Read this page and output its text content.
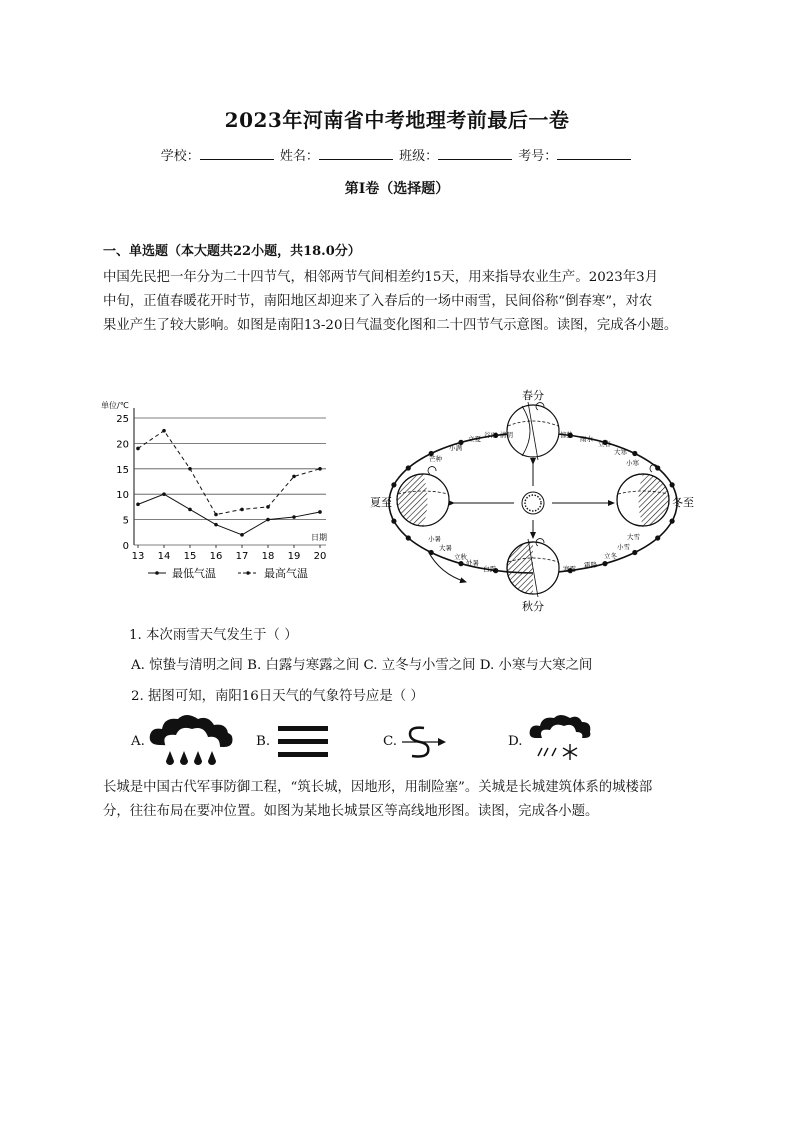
2023年河南省中考地理考前最后一卷
学校：	姓名：	班级：	考号：
第I卷（选择题）
一、单选题（本大题共22小题，共18.0分）
中国先民把一年分为二十四节气，相邻两节气间相差约15天，用来指导农业生产。2023年3月
中旬，正值春暖花开时节，南阳地区却迎来了入春后的一场中雨雪，民间俗称“倒春寒”，对农
果业产生了较大影响。如图是南阳13-20日气温变化图和二十四节气示意图。读图，完成各小题。
0
5
10
15
20
25
13 14 15 16 17 18 19 20
单位/℃
日期
最低气温	最高气温
春分
秋分
夏至	冬至
芒种
小满
立夏 谷雨 清明	惊蛰 雨水
立春
大寒
小寒
小暑
大暑
立秋
处暑
白露	寒露 霜降
立冬
小雪
大雪
1. 本次雨雪天气发生于（ ）
A. 惊蛰与清明之间 B. 白露与寒露之间 C. 立冬与小雪之间 D. 小寒与大寒之间
2. 据图可知，南阳16日天气的气象符号应是（ ）
A.	B.	C.	D.
长城是中国古代军事防御工程，“筑长城，因地形，用制险塞”。关城是长城建筑体系的城楼部
分，往往布局在要冲位置。如图为某地长城景区等高线地形图。读图，完成各小题。
